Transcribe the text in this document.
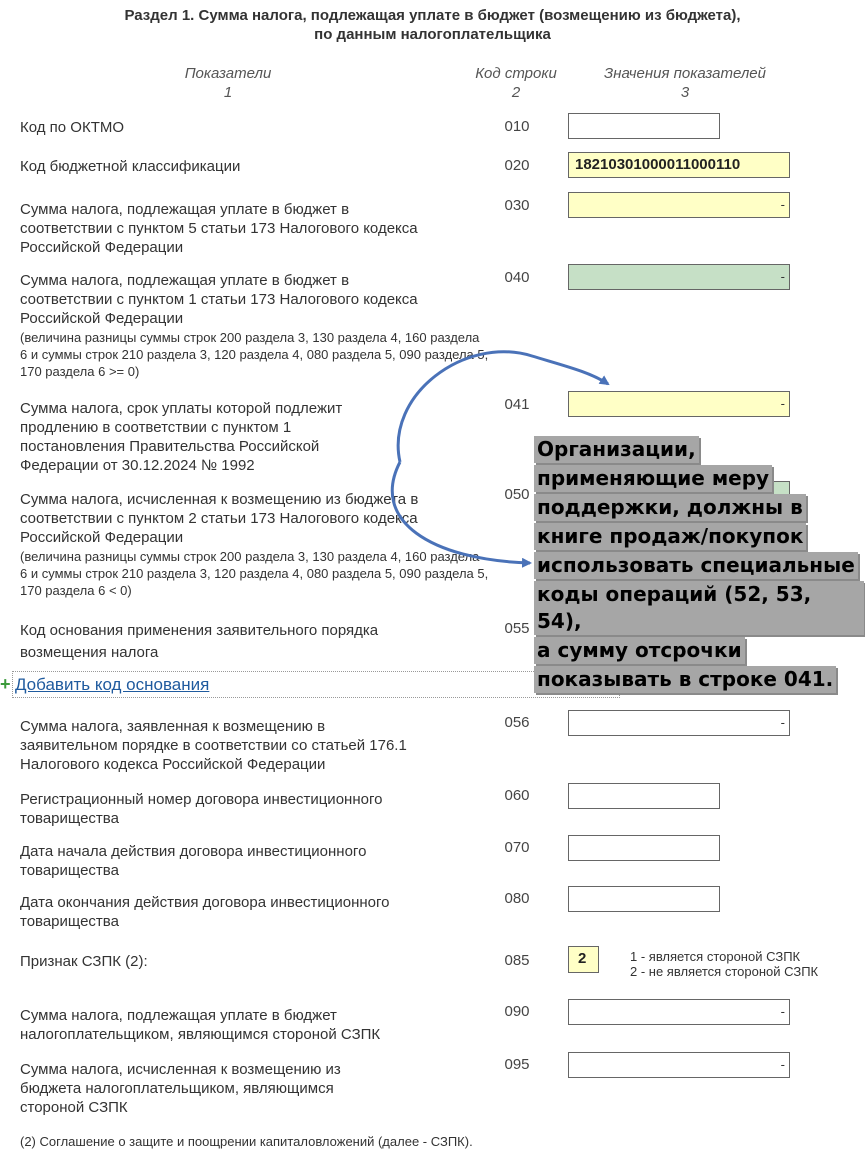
Раздел 1. Сумма налога, подлежащая уплате в бюджет (возмещению из бюджета),
по данным налогоплательщика
Показатели
1
Код строки
2
Значения показателей
3
Код по ОКТМО	010
Код бюджетной классификации	020	18210301000011000110
Сумма налога, подлежащая уплате в бюджет в соответствии с пунктом 5 статьи 173 Налогового кодекса Российской Федерации
030	-
Сумма налога, подлежащая уплате в бюджет в соответствии с пунктом 1 статьи 173 Налогового кодекса Российской Федерации
(величина разницы суммы строк 200 раздела 3, 130 раздела 4, 160 раздела 6 и суммы строк 210 раздела 3, 120 раздела 4, 080 раздела 5, 090 раздела 5, 170 раздела 6 >= 0)
040	-
Сумма налога, срок уплаты которой подлежит продлению в соответствии с пунктом 1 постановления Правительства Российской Федерации от 30.12.2024 № 1992
041	-
Сумма налога, исчисленная к возмещению из бюджета в соответствии с пунктом 2 статьи 173 Налогового кодекса Российской Федерации
(величина разницы суммы строк 200 раздела 3, 130 раздела 4, 160 раздела 6 и суммы строк 210 раздела 3, 120 раздела 4, 080 раздела 5, 090 раздела 5, 170 раздела 6 < 0)
050
Код основания применения заявительного порядка возмещения налога
055
+ Добавить код основания
Сумма налога, заявленная к возмещению в заявительном порядке в соответствии со статьей 176.1 Налогового кодекса Российской Федерации
056	-
Регистрационный номер договора инвестиционного товарищества
060
Дата начала действия договора инвестиционного товарищества
070
Дата окончания действия договора инвестиционного товарищества
080
Признак СЗПК (2):	085	2	1 - является стороной СЗПК
2 - не является стороной СЗПК
Сумма налога, подлежащая уплате в бюджет налогоплательщиком, являющимся стороной СЗПК
090	-
Сумма налога, исчисленная к возмещению из бюджета налогоплательщиком, являющимся стороной СЗПК
095	-
(2) Соглашение о защите и поощрении капиталовложений (далее - СЗПК).
Организации,
применяющие меру
поддержки, должны в
книге продаж/покупок
использовать специальные
коды операций (52, 53, 54),
а сумму отсрочки
показывать в строке 041.
